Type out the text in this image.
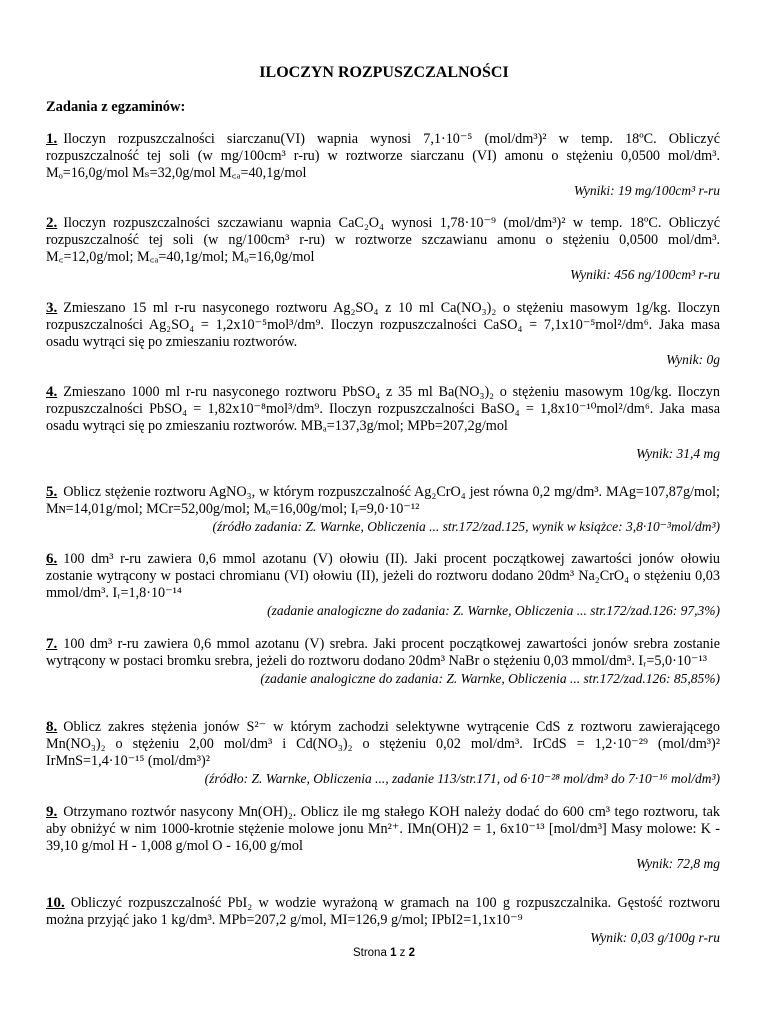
ILOCZYN ROZPUSZCZALNOŚCI
Zadania z egzaminów:
1. Iloczyn rozpuszczalności siarczanu(VI) wapnia wynosi 7,1·10⁻⁵ (mol/dm³)² w temp. 18ºC. Obliczyć rozpuszczalność tej soli (w mg/100cm³ r-ru) w roztworze siarczanu (VI) amonu o stężeniu 0,0500 mol/dm³. Mₒ=16,0g/mol Mₛ=32,0g/mol M꜀ₐ=40,1g/mol
Wyniki: 19 mg/100cm³ r-ru
2. Iloczyn rozpuszczalności szczawianu wapnia CaC₂O₄ wynosi 1,78·10⁻⁹ (mol/dm³)² w temp. 18ºC. Obliczyć rozpuszczalność tej soli (w ng/100cm³ r-ru) w roztworze szczawianu amonu o stężeniu 0,0500 mol/dm³. M꜀=12,0g/mol; M꜀ₐ=40,1g/mol; Mₒ=16,0g/mol
Wyniki: 456 ng/100cm³ r-ru
3. Zmieszano 15 ml r-ru nasyconego roztworu Ag₂SO₄ z 10 ml Ca(NO₃)₂ o stężeniu masowym 1g/kg. Iloczyn rozpuszczalności Ag₂SO₄ = 1,2x10⁻⁵mol³/dm⁹. Iloczyn rozpuszczalności CaSO₄ = 7,1x10⁻⁵mol²/dm⁶. Jaka masa osadu wytrąci się po zmieszaniu roztworów.
Wynik: 0g
4. Zmieszano 1000 ml r-ru nasyconego roztworu PbSO₄ z 35 ml Ba(NO₃)₂ o stężeniu masowym 10g/kg. Iloczyn rozpuszczalności PbSO₄ = 1,82x10⁻⁸mol³/dm⁹. Iloczyn rozpuszczalności BaSO₄ = 1,8x10⁻¹⁰mol²/dm⁶. Jaka masa osadu wytrąci się po zmieszaniu roztworów. MBₐ=137,3g/mol; MPb=207,2g/mol
Wynik: 31,4 mg
5. Oblicz stężenie roztworu AgNO₃, w którym rozpuszczalność Ag₂CrO₄ jest równa 0,2 mg/dm³. MAg=107,87g/mol; Mɴ=14,01g/mol; MCr=52,00g/mol; Mₒ=16,00g/mol; Iᵣ=9,0·10⁻¹²
(źródło zadania: Z. Warnke, Obliczenia ... str.172/zad.125, wynik w książce: 3,8·10⁻³mol/dm³)
6. 100 dm³ r-ru zawiera 0,6 mmol azotanu (V) ołowiu (II). Jaki procent początkowej zawartości jonów ołowiu zostanie wytrącony w postaci chromianu (VI) ołowiu (II), jeżeli do roztworu dodano 20dm³ Na₂CrO₄ o stężeniu 0,03 mmol/dm³. Iᵣ=1,8·10⁻¹⁴
(zadanie analogiczne do zadania: Z. Warnke, Obliczenia ... str.172/zad.126: 97,3%)
7. 100 dm³ r-ru zawiera 0,6 mmol azotanu (V) srebra. Jaki procent początkowej zawartości jonów srebra zostanie wytrącony w postaci bromku srebra, jeżeli do roztworu dodano 20dm³ NaBr o stężeniu 0,03 mmol/dm³. Iᵣ=5,0·10⁻¹³
(zadanie analogiczne do zadania: Z. Warnke, Obliczenia ... str.172/zad.126: 85,85%)
8. Oblicz zakres stężenia jonów S²⁻ w którym zachodzi selektywne wytrącenie CdS z roztworu zawierającego Mn(NO₃)₂ o stężeniu 2,00 mol/dm³ i Cd(NO₃)₂ o stężeniu 0,02 mol/dm³. IrCdS = 1,2·10⁻²⁹ (mol/dm³)² IrMnS=1,4·10⁻¹⁵ (mol/dm³)²
(źródło: Z. Warnke, Obliczenia ..., zadanie 113/str.171, od 6·10⁻²⁸ mol/dm³ do 7·10⁻¹⁶ mol/dm³)
9. Otrzymano roztwór nasycony Mn(OH)₂. Oblicz ile mg stałego KOH należy dodać do 600 cm³ tego roztworu, tak aby obniżyć w nim 1000-krotnie stężenie molowe jonu Mn²⁺. IMn(OH)2 = 1, 6x10⁻¹³ [mol/dm³] Masy molowe: K - 39,10 g/mol H - 1,008 g/mol O - 16,00 g/mol
Wynik: 72,8 mg
10. Obliczyć rozpuszczalność PbI₂ w wodzie wyrażoną w gramach na 100 g rozpuszczalnika. Gęstość roztworu można przyjąć jako 1 kg/dm³. MPb=207,2 g/mol, MI=126,9 g/mol; IPbI2=1,1x10⁻⁹
Wynik: 0,03 g/100g r-ru
Strona 1 z 2
